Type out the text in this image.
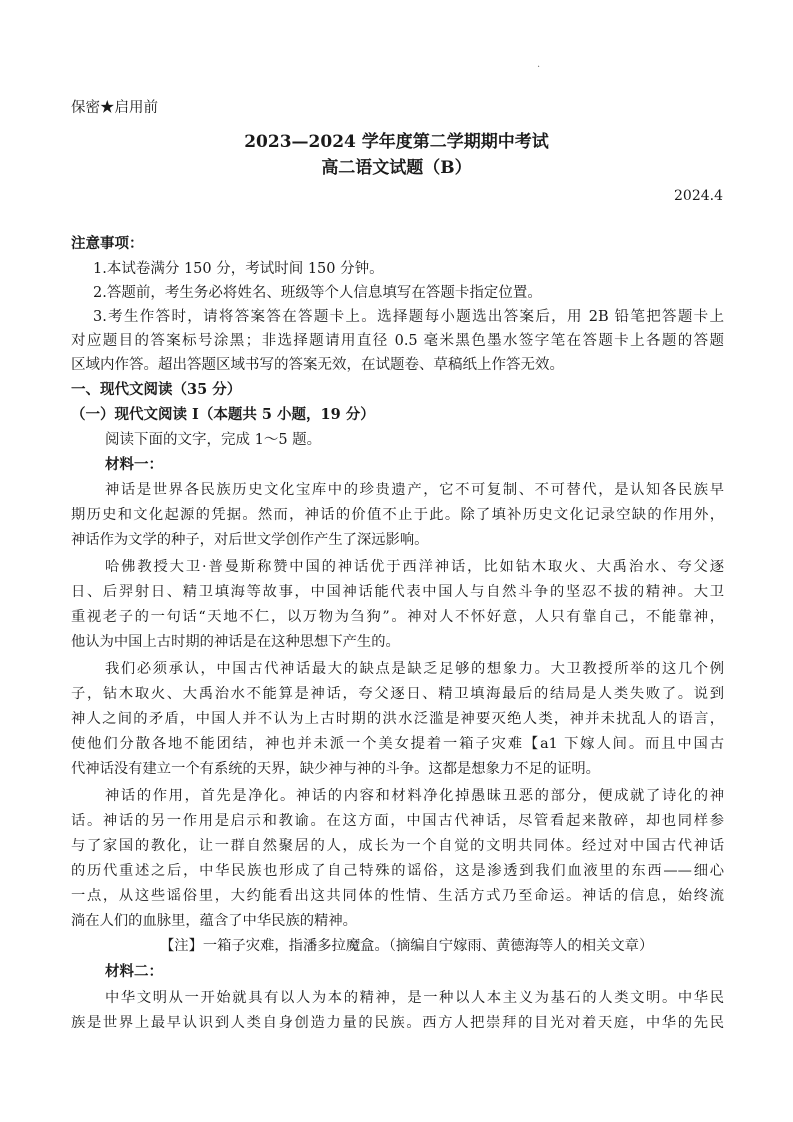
·
保密★启用前
2023—2024 学年度第二学期期中考试
高二语文试题（B）
2024.4
注意事项：
1.本试卷满分 150 分，考试时间 150 分钟。
2.答题前，考生务必将姓名、班级等个人信息填写在答题卡指定位置。
3.考生作答时，请将答案答在答题卡上。选择题每小题选出答案后，用 2B 铅笔把答题卡上
对应题目的答案标号涂黑；非选择题请用直径 0.5 毫米黑色墨水签字笔在答题卡上各题的答题
区域内作答。超出答题区域书写的答案无效，在试题卷、草稿纸上作答无效。
一、现代文阅读（35 分）
（一）现代文阅读 I（本题共 5 小题，19 分）
阅读下面的文字，完成 1～5 题。
材料一：
神话是世界各民族历史文化宝库中的珍贵遗产，它不可复制、不可替代，是认知各民族早
期历史和文化起源的凭据。然而，神话的价值不止于此。除了填补历史文化记录空缺的作用外，
神话作为文学的种子，对后世文学创作产生了深远影响。
哈佛教授大卫·普曼斯称赞中国的神话优于西洋神话，比如钻木取火、大禹治水、夸父逐
日、后羿射日、精卫填海等故事，中国神话能代表中国人与自然斗争的坚忍不拔的精神。大卫
重视老子的一句话“天地不仁，以万物为刍狗”。神对人不怀好意，人只有靠自己，不能靠神，
他认为中国上古时期的神话是在这种思想下产生的。
我们必须承认，中国古代神话最大的缺点是缺乏足够的想象力。大卫教授所举的这几个例
子，钻木取火、大禹治水不能算是神话，夸父逐日、精卫填海最后的结局是人类失败了。说到
神人之间的矛盾，中国人并不认为上古时期的洪水泛滥是神要灭绝人类，神并未扰乱人的语言，
使他们分散各地不能团结，神也并未派一个美女提着一箱子灾难【a1 下嫁人间。而且中国古
代神话没有建立一个有系统的天界，缺少神与神的斗争。这都是想象力不足的证明。
神话的作用，首先是净化。神话的内容和材料净化掉愚昧丑恶的部分，便成就了诗化的神
话。神话的另一作用是启示和教谕。在这方面，中国古代神话，尽管看起来散碎，却也同样参
与了家国的教化，让一群自然聚居的人，成长为一个自觉的文明共同体。经过对中国古代神话
的历代重述之后，中华民族也形成了自己特殊的谣俗，这是渗透到我们血液里的东西——细心
一点，从这些谣俗里，大约能看出这共同体的性情、生活方式乃至命运。神话的信息，始终流
淌在人们的血脉里，蕴含了中华民族的精神。
【注】一箱子灾难，指潘多拉魔盒。（摘编自宁嫁雨、黄德海等人的相关文章）
材料二：
中华文明从一开始就具有以人为本的精神，是一种以人本主义为基石的人类文明。中华民
族是世界上最早认识到人类自身创造力量的民族。西方人把崇拜的目光对着天庭，中华的先民
